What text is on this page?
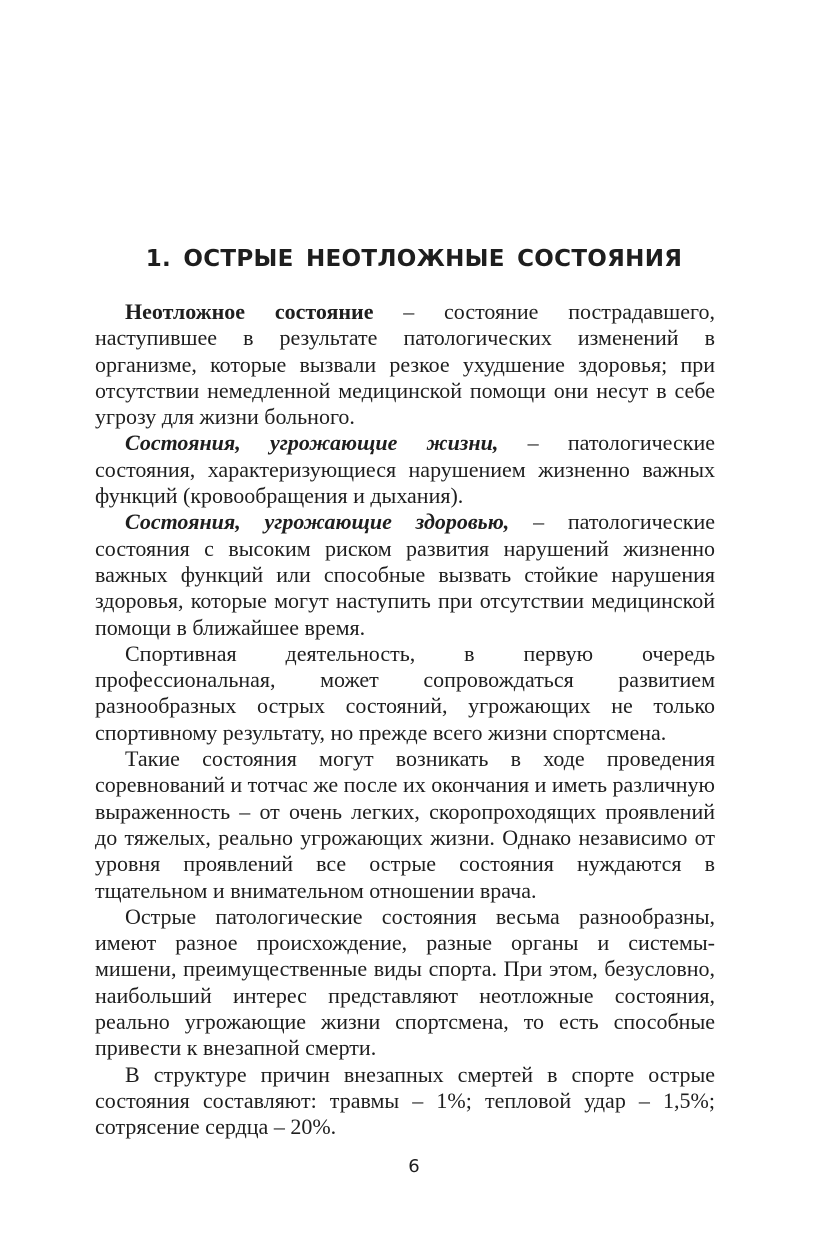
1. ОСТРЫЕ НЕОТЛОЖНЫЕ СОСТОЯНИЯ

Неотложное состояние – состояние пострадавшего, наступившее в результате патологических изменений в организме, которые вызвали резкое ухудшение здоровья; при отсутствии немедленной медицинской помощи они несут в себе угрозу для жизни больного.

Состояния, угрожающие жизни, – патологические состояния, характеризующиеся нарушением жизненно важных функций (кровообращения и дыхания).

Состояния, угрожающие здоровью, – патологические состояния с высоким риском развития нарушений жизненно важных функций или способные вызвать стойкие нарушения здоровья, которые могут наступить при отсутствии медицинской помощи в ближайшее время.

Спортивная деятельность, в первую очередь профессиональная, может сопровождаться развитием разнообразных острых состояний, угрожающих не только спортивному результату, но прежде всего жизни спортсмена.

Такие состояния могут возникать в ходе проведения соревнований и тотчас же после их окончания и иметь различную выраженность – от очень легких, скоропроходящих проявлений до тяжелых, реально угрожающих жизни. Однако независимо от уровня проявлений все острые состояния нуждаются в тщательном и внимательном отношении врача.

Острые патологические состояния весьма разнообразны, имеют разное происхождение, разные органы и системы-мишени, преимущественные виды спорта. При этом, безусловно, наибольший интерес представляют неотложные состояния, реально угрожающие жизни спортсмена, то есть способные привести к внезапной смерти.

В структуре причин внезапных смертей в спорте острые состояния составляют: травмы – 1%; тепловой удар – 1,5%; сотрясение сердца – 20%.

6
